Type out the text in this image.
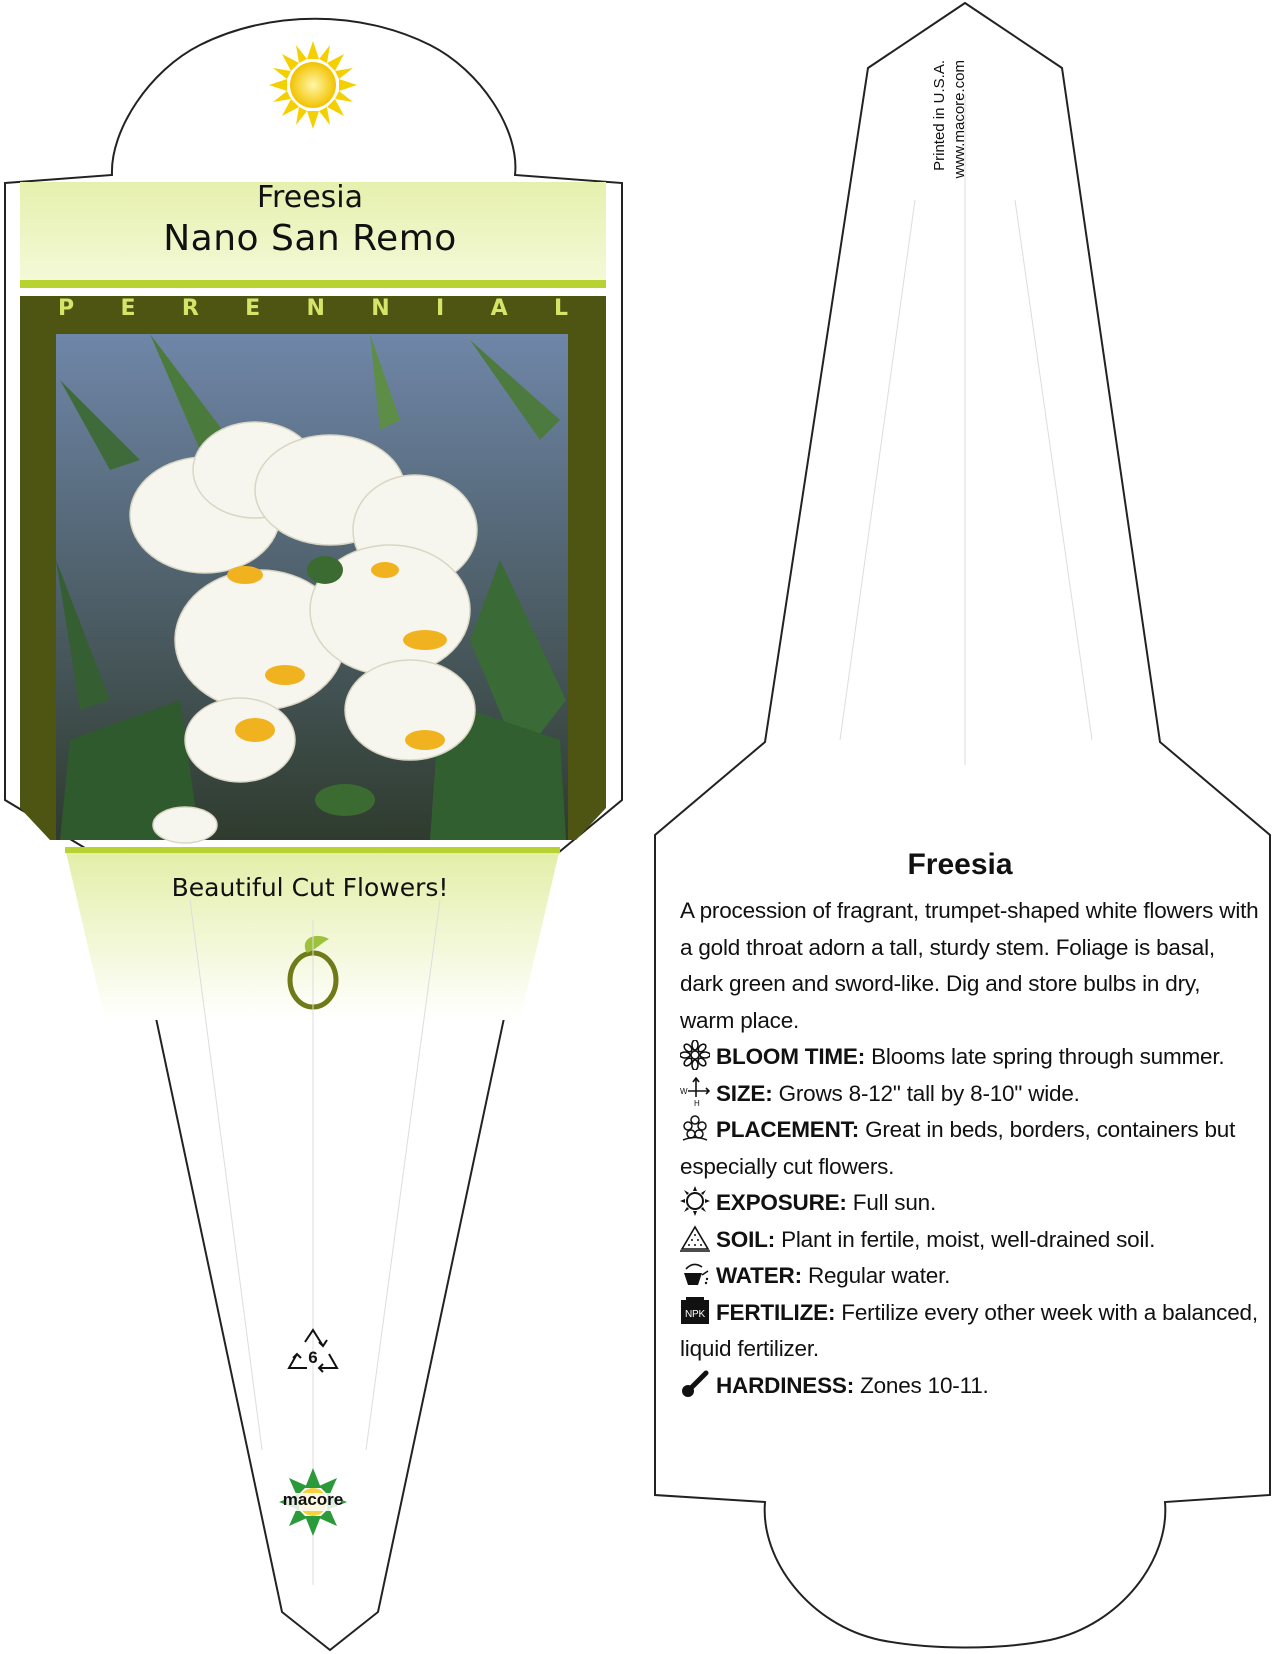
Freesia
Nano San Remo
P E R E N N I A L
Beautiful Cut Flowers!
6
macore
Printed in U.S.A. www.macore.com
Freesia
A procession of fragrant, trumpet-shaped white flowers with a gold throat adorn a tall, sturdy stem. Foliage is basal, dark green and sword-like. Dig and store bulbs in dry, warm place.
BLOOM TIME: Blooms late spring through summer.

W
H SIZE: Grows 8-12" tall by 8-10" wide.
PLACEMENT: Great in beds, borders, containers but especially cut flowers.
EXPOSURE: Full sun.
SOIL: Plant in fertile, moist, well-drained soil.
WATER: Regular water.

NPK FERTILIZE: Fertilize every other week with a balanced, liquid fertilizer.
HARDINESS: Zones 10-11.
